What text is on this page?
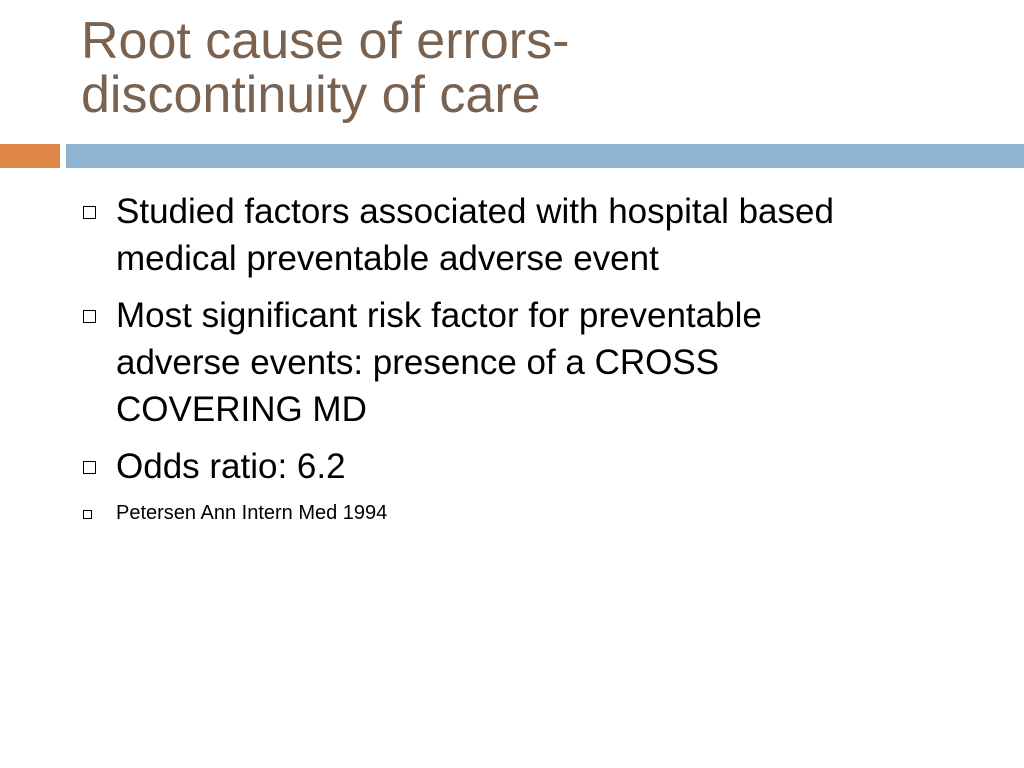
Root cause of errors-
discontinuity of care
Studied factors associated with hospital based
medical preventable adverse event
Most significant risk factor for preventable
adverse events: presence of a CROSS
COVERING MD
Odds ratio: 6.2
Petersen Ann Intern Med 1994
